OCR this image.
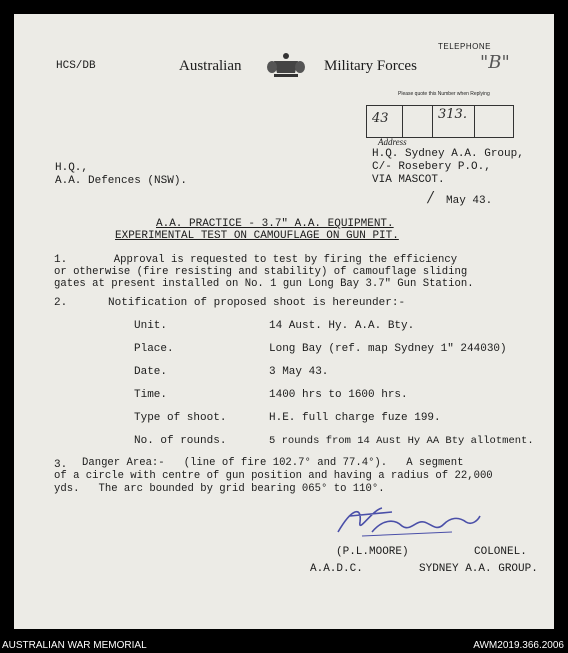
HCS/DB	Australian	Military Forces
TELEPHONE
"B"
Please quote this Number when Replying
43	313.
Address
H.Q. Sydney A.A. Group,
C/- Rosebery P.O.,
VIA MASCOT.
H.Q.,
A.A. Defences (NSW).
/ May 43.
A.A. PRACTICE - 3.7" A.A. EQUIPMENT.
EXPERIMENTAL TEST ON CAMOUFLAGE ON GUN PIT.
1. Approval is requested to test by firing the efficiency
or otherwise (fire resisting and stability) of camouflage sliding
gates at present installed on No. 1 gun Long Bay 3.7" Gun Station.
2.	Notification of proposed shoot is hereunder:-
Unit.	14 Aust. Hy. A.A. Bty.
Place.	Long Bay (ref. map Sydney 1" 244030)
Date.	3 May 43.
Time.	1400 hrs to 1600 hrs.
Type of shoot.	H.E. full charge fuze 199.
No. of rounds.	5 rounds from 14 Aust Hy AA Bty allotment.
3. Danger Area:-   (line of fire 102.7° and 77.4°).   A segment
of a circle with centre of gun position and having a radius of 22,000
yds.   The arc bounded by grid bearing 065° to 110°.
(P.L.MOORE)	COLONEL.
A.A.D.C.	SYDNEY A.A. GROUP.
AUSTRALIAN WAR MEMORIAL	AWM2019.366.2006
